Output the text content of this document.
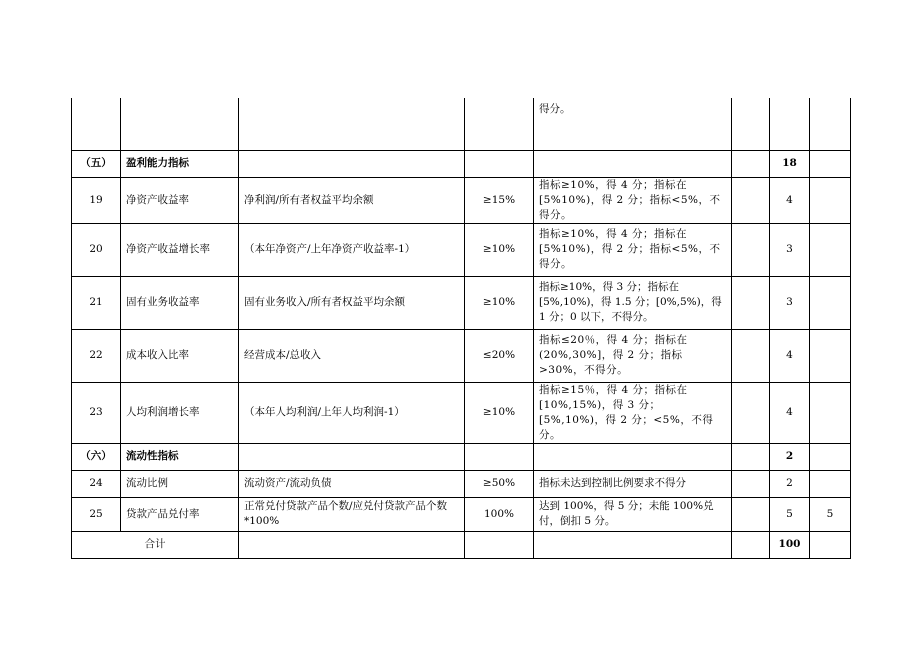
				得分。			
（五）	盈利能力指标					18	
19	净资产收益率	净利润/所有者权益平均余额	≥15%	指标≥10%，得 4 分；指标在[5%10%)，得 2 分；指标<5%，不得分。		4	
20	净资产收益增长率	（本年净资产/上年净资产收益率-1）	≥10%	指标≥10%，得 4 分；指标在[5%10%)，得 2 分；指标<5%，不得分。		3	
21	固有业务收益率	固有业务收入/所有者权益平均余额	≥10%	指标≥10%，得 3 分；指标在[5%,10%)，得 1.5 分；[0%,5%)，得 1 分；0 以下，不得分。		3	
22	成本收入比率	经营成本/总收入	≤20%	指标≤20％，得 4 分；指标在(20%,30%]，得 2 分；指标>30%，不得分。		4	
23	人均利润增长率	（本年人均利润/上年人均利润-1）	≥10%	指标≥15％，得 4 分；指标在[10%,15%)，得 3 分；[5%,10%)，得 2 分；<5%，不得分。		4	
（六）	流动性指标					2	
24	流动比例	流动资产/流动负债	≥50%	指标未达到控制比例要求不得分		2	
25	贷款产品兑付率	正常兑付贷款产品个数/应兑付贷款产品个数*100%	100%	达到 100%，得 5 分；未能 100%兑付，倒扣 5 分。		5	5
合计						100	
